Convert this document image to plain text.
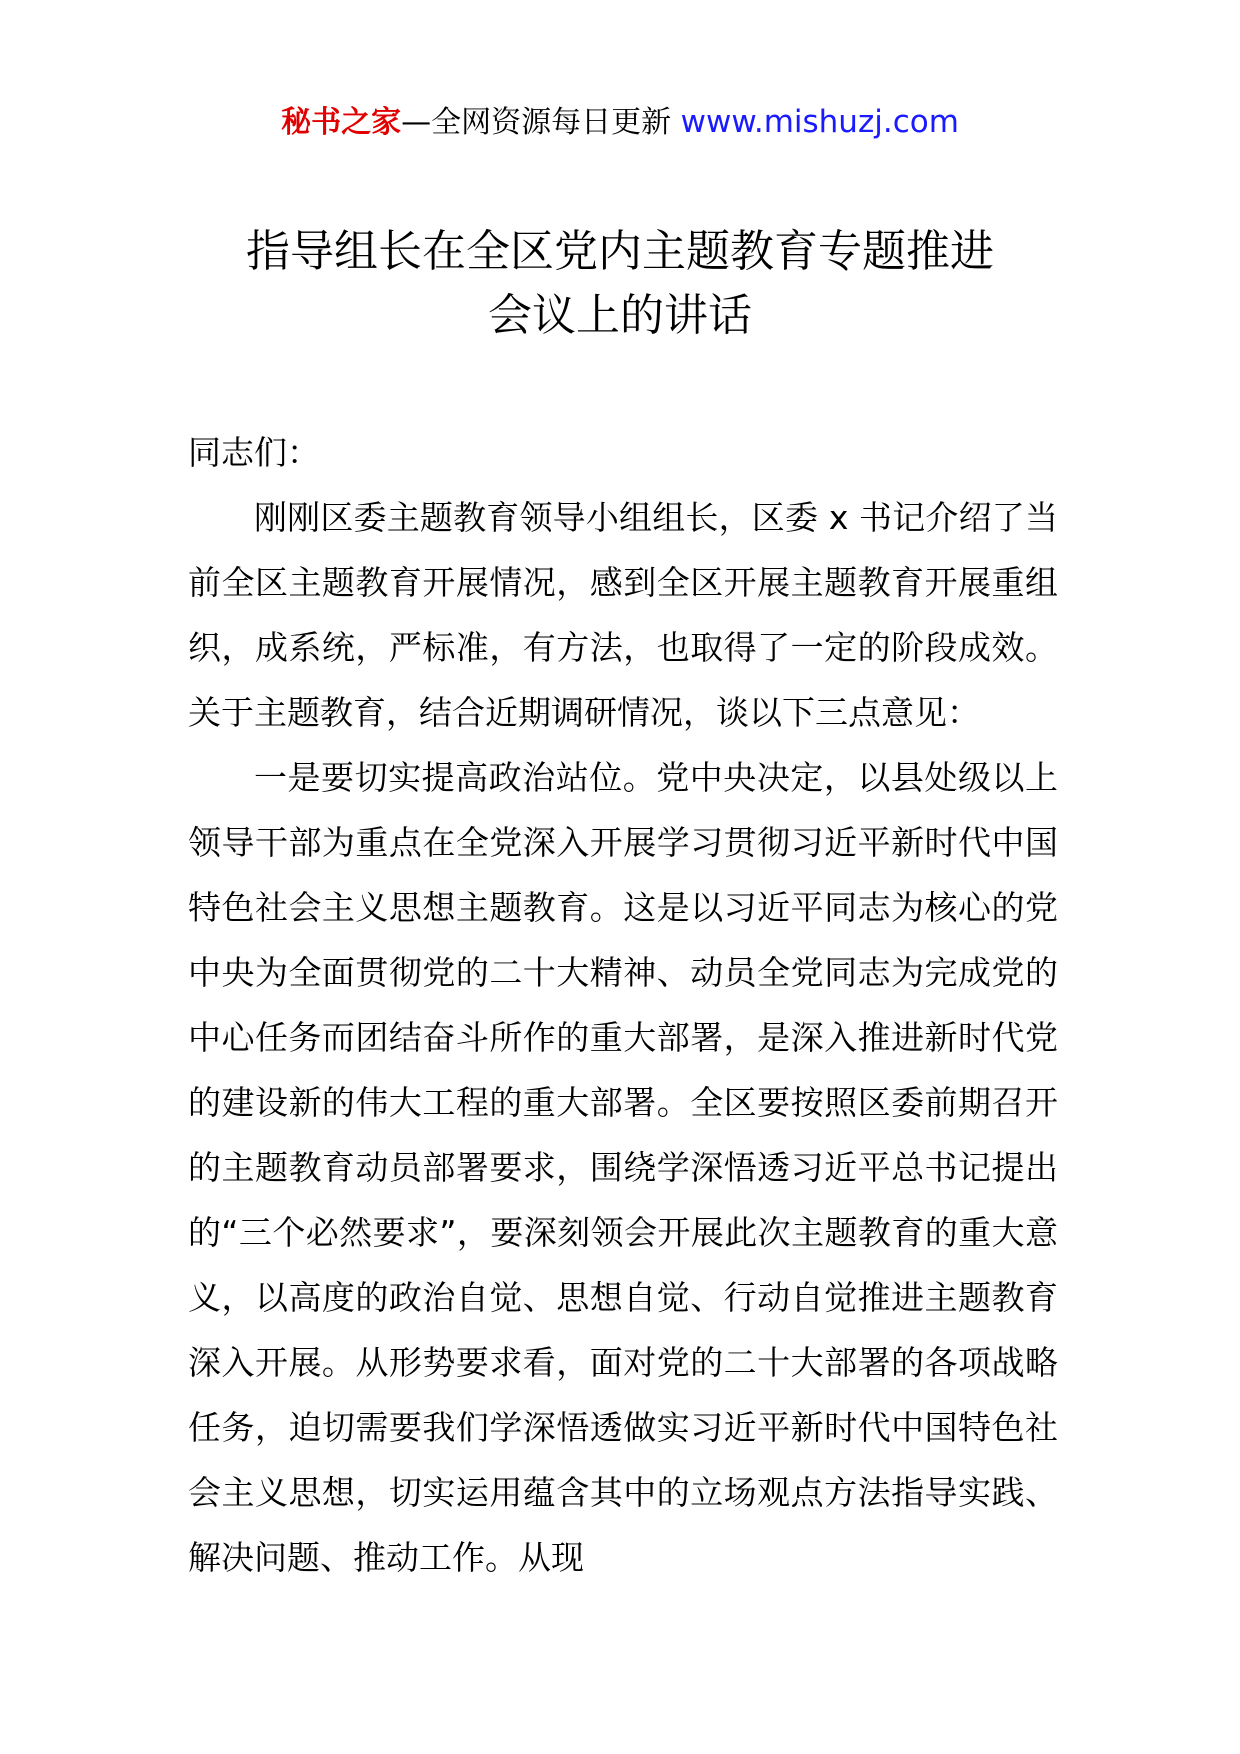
秘书之家—全网资源每日更新 www.mishuzj.com
指导组长在全区党内主题教育专题推进
会议上的讲话

同志们：

刚刚区委主题教育领导小组组长，区委 x 书记介绍了当前全区主题教育开展情况，感到全区开展主题教育开展重组织，成系统，严标准，有方法，也取得了一定的阶段成效。关于主题教育，结合近期调研情况，谈以下三点意见：

一是要切实提高政治站位。党中央决定，以县处级以上领导干部为重点在全党深入开展学习贯彻习近平新时代中国特色社会主义思想主题教育。这是以习近平同志为核心的党中央为全面贯彻党的二十大精神、动员全党同志为完成党的中心任务而团结奋斗所作的重大部署，是深入推进新时代党的建设新的伟大工程的重大部署。全区要按照区委前期召开的主题教育动员部署要求，围绕学深悟透习近平总书记提出的“三个必然要求”，要深刻领会开展此次主题教育的重大意义，以高度的政治自觉、思想自觉、行动自觉推进主题教育深入开展。从形势要求看，面对党的二十大部署的各项战略任务，迫切需要我们学深悟透做实习近平新时代中国特色社会主义思想，切实运用蕴含其中的立场观点方法指导实践、解决问题、推动工作。从现
